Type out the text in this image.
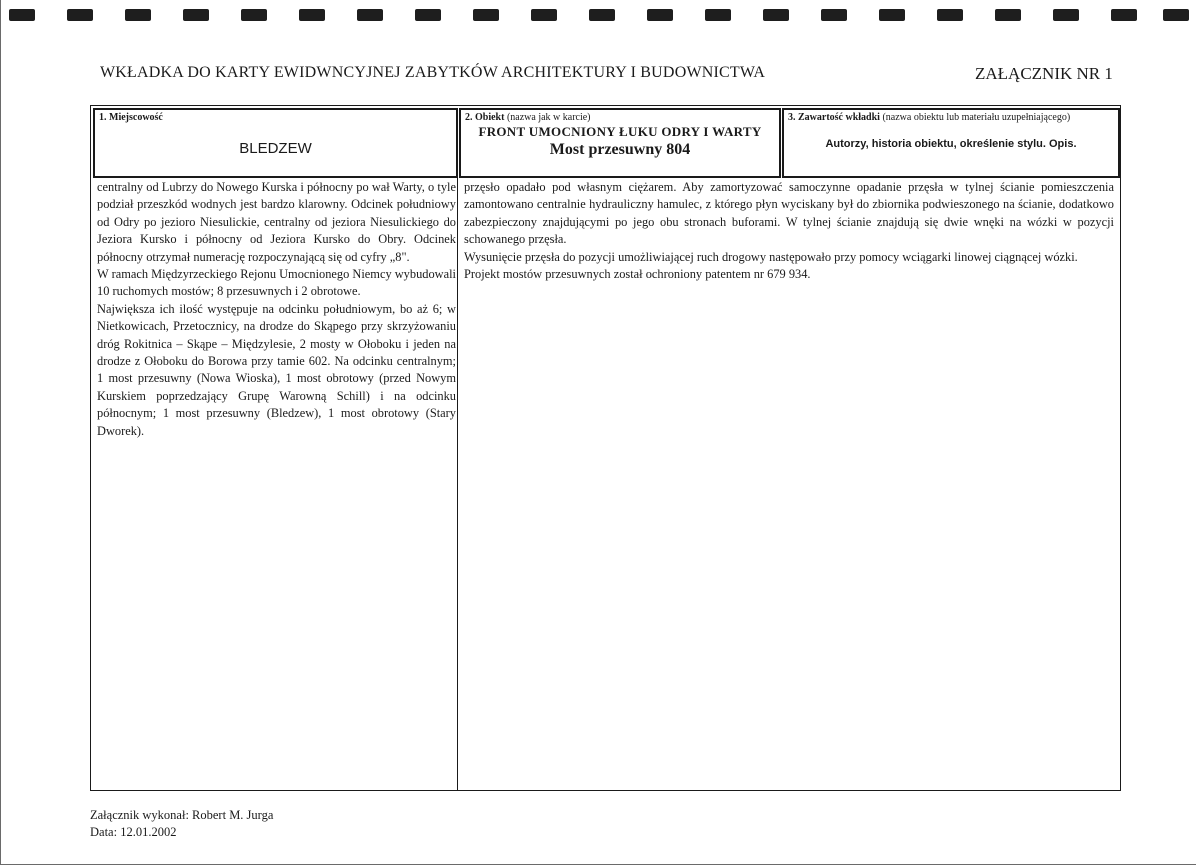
WKŁADKA DO KARTY EWIDWNCYJNEJ ZABYTKÓW ARCHITEKTURY I BUDOWNICTWA	ZAŁĄCZNIK NR 1
1. Miejscowość
BLEDZEW
2. Obiekt (nazwa jak w karcie)
FRONT UMOCNIONY ŁUKU ODRY I WARTY
Most przesuwny 804
3. Zawartość wkładki (nazwa obiektu lub materiału uzupełniającego)
Autorzy, historia obiektu, określenie stylu. Opis.

centralny od Lubrzy do Nowego Kurska i północny po wał Warty, o tyle podział przeszkód wodnych jest bardzo klarowny. Odcinek południowy od Odry po jezioro Niesulickie, centralny od jeziora Niesulickiego do Jeziora Kursko i północny od Jeziora Kursko do Obry. Odcinek północny otrzymał numerację rozpoczynającą się od cyfry „8".

W ramach Międzyrzeckiego Rejonu Umocnionego Niemcy wybudowali 10 ruchomych mostów; 8 przesuwnych i 2 obrotowe.

Największa ich ilość występuje na odcinku południowym, bo aż 6; w Nietkowicach, Przetocznicy, na drodze do Skąpego przy skrzyżowaniu dróg Rokitnica – Skąpe – Międzylesie, 2 mosty w Ołoboku i jeden na drodze z Ołoboku do Borowa przy tamie 602. Na odcinku centralnym; 1 most przesuwny (Nowa Wioska), 1 most obrotowy (przed Nowym Kurskiem poprzedzający Grupę Warowną Schill) i na odcinku północnym; 1 most przesuwny (Bledzew), 1 most obrotowy (Stary Dworek).

przęsło opadało pod własnym ciężarem. Aby zamortyzować samoczynne opadanie przęsła w tylnej ścianie pomieszczenia zamontowano centralnie hydrauliczny hamulec, z którego płyn wyciskany był do zbiornika podwieszonego na ścianie, dodatkowo zabezpieczony znajdującymi po jego obu stronach buforami. W tylnej ścianie znajdują się dwie wnęki na wózki w pozycji schowanego przęsła.

Wysunięcie przęsła do pozycji umożliwiającej ruch drogowy następowało przy pomocy wciągarki linowej ciągnącej wózki.

Projekt mostów przesuwnych został ochroniony patentem nr 679 934.

Załącznik wykonał: Robert M. Jurga
Data: 12.01.2002
